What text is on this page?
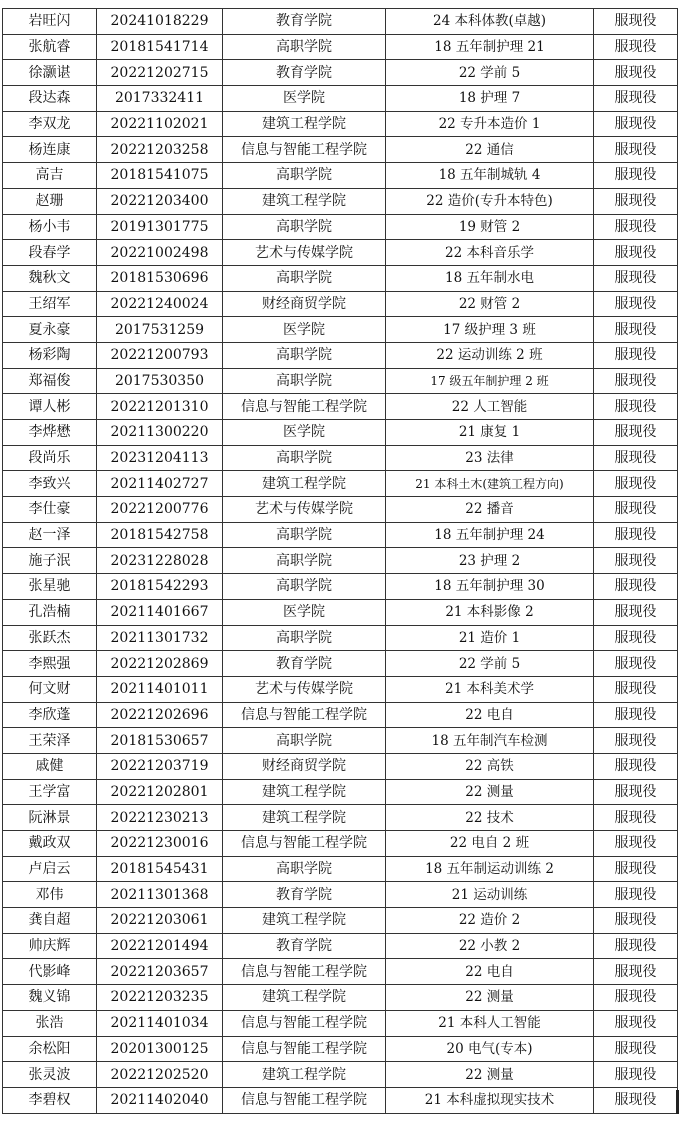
岩旺闪	20241018229	教育学院	24 本科体教(卓越)	服现役
张航睿	20181541714	高职学院	18 五年制护理 21	服现役
徐灏谌	20221202715	教育学院	22 学前 5	服现役
段达森	2017332411	医学院	18 护理 7	服现役
李双龙	20221102021	建筑工程学院	22 专升本造价 1	服现役
杨连康	20221203258	信息与智能工程学院	22 通信	服现役
高吉	20181541075	高职学院	18 五年制城轨 4	服现役
赵珊	20221203400	建筑工程学院	22 造价(专升本特色)	服现役
杨小韦	20191301775	高职学院	19 财管 2	服现役
段春学	20221002498	艺术与传媒学院	22 本科音乐学	服现役
魏秋文	20181530696	高职学院	18 五年制水电	服现役
王绍军	20221240024	财经商贸学院	22 财管 2	服现役
夏永豪	2017531259	医学院	17 级护理 3 班	服现役
杨彩陶	20221200793	高职学院	22 运动训练 2 班	服现役
郑福俊	2017530350	高职学院	17 级五年制护理 2 班	服现役
谭人彬	20221201310	信息与智能工程学院	22 人工智能	服现役
李烨懋	20211300220	医学院	21 康复 1	服现役
段尚乐	20231204113	高职学院	23 法律	服现役
李致兴	20211402727	建筑工程学院	21 本科土木(建筑工程方向)	服现役
李仕豪	20221200776	艺术与传媒学院	22 播音	服现役
赵一泽	20181542758	高职学院	18 五年制护理 24	服现役
施子泯	20231228028	高职学院	23 护理 2	服现役
张星驰	20181542293	高职学院	18 五年制护理 30	服现役
孔浩楠	20211401667	医学院	21 本科影像 2	服现役
张跃杰	20211301732	高职学院	21 造价 1	服现役
李熙强	20221202869	教育学院	22 学前 5	服现役
何文财	20211401011	艺术与传媒学院	21 本科美术学	服现役
李欣蓬	20221202696	信息与智能工程学院	22 电自	服现役
王荣泽	20181530657	高职学院	18 五年制汽车检测	服现役
戚健	20221203719	财经商贸学院	22 高铁	服现役
王学富	20221202801	建筑工程学院	22 测量	服现役
阮淋景	20221230213	建筑工程学院	22 技术	服现役
戴政双	20221230016	信息与智能工程学院	22 电自 2 班	服现役
卢启云	20181545431	高职学院	18 五年制运动训练 2	服现役
邓伟	20211301368	教育学院	21 运动训练	服现役
龚自超	20221203061	建筑工程学院	22 造价 2	服现役
帅庆辉	20221201494	教育学院	22 小教 2	服现役
代影峰	20221203657	信息与智能工程学院	22 电自	服现役
魏义锦	20221203235	建筑工程学院	22 测量	服现役
张浩	20211401034	信息与智能工程学院	21 本科人工智能	服现役
余松阳	20201300125	信息与智能工程学院	20 电气(专本)	服现役
张灵波	20221202520	建筑工程学院	22 测量	服现役
李碧权	20211402040	信息与智能工程学院	21 本科虚拟现实技术	服现役
